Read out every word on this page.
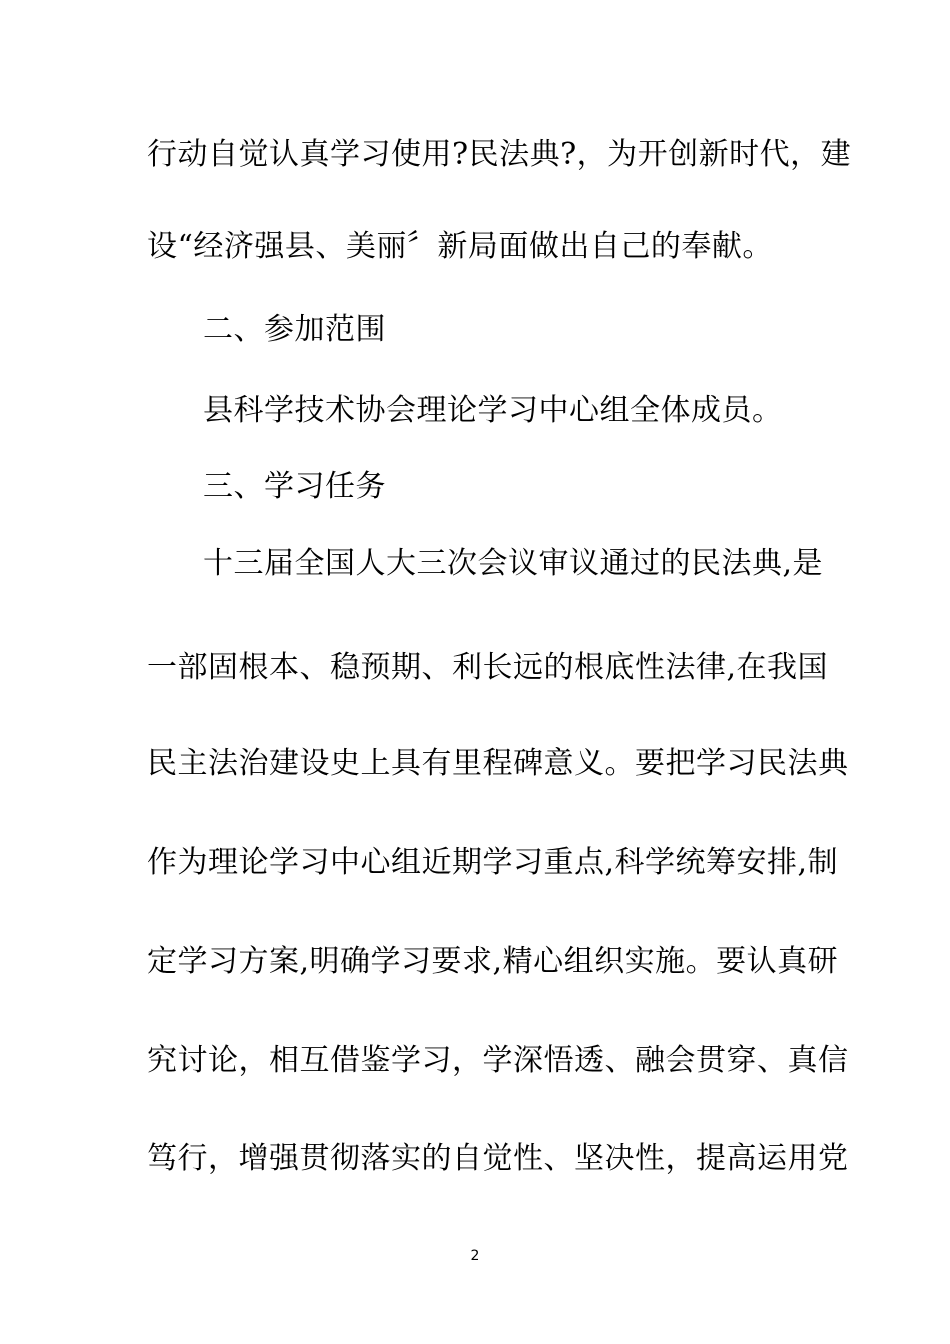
行动自觉认真学习使用?民法典?，为开创新时代，建
设“经济强县、美丽〞新局面做出自己的奉献。
二、参加范围
县科学技术协会理论学习中心组全体成员。
三、学习任务
十三届全国人大三次会议审议通过的民法典,是
一部固根本、稳预期、利长远的根底性法律,在我国
民主法治建设史上具有里程碑意义。要把学习民法典
作为理论学习中心组近期学习重点,科学统筹安排,制
定学习方案,明确学习要求,精心组织实施。要认真研
究讨论，相互借鉴学习，学深悟透、融会贯穿、真信
笃行，增强贯彻落实的自觉性、坚决性，提高运用党
2
